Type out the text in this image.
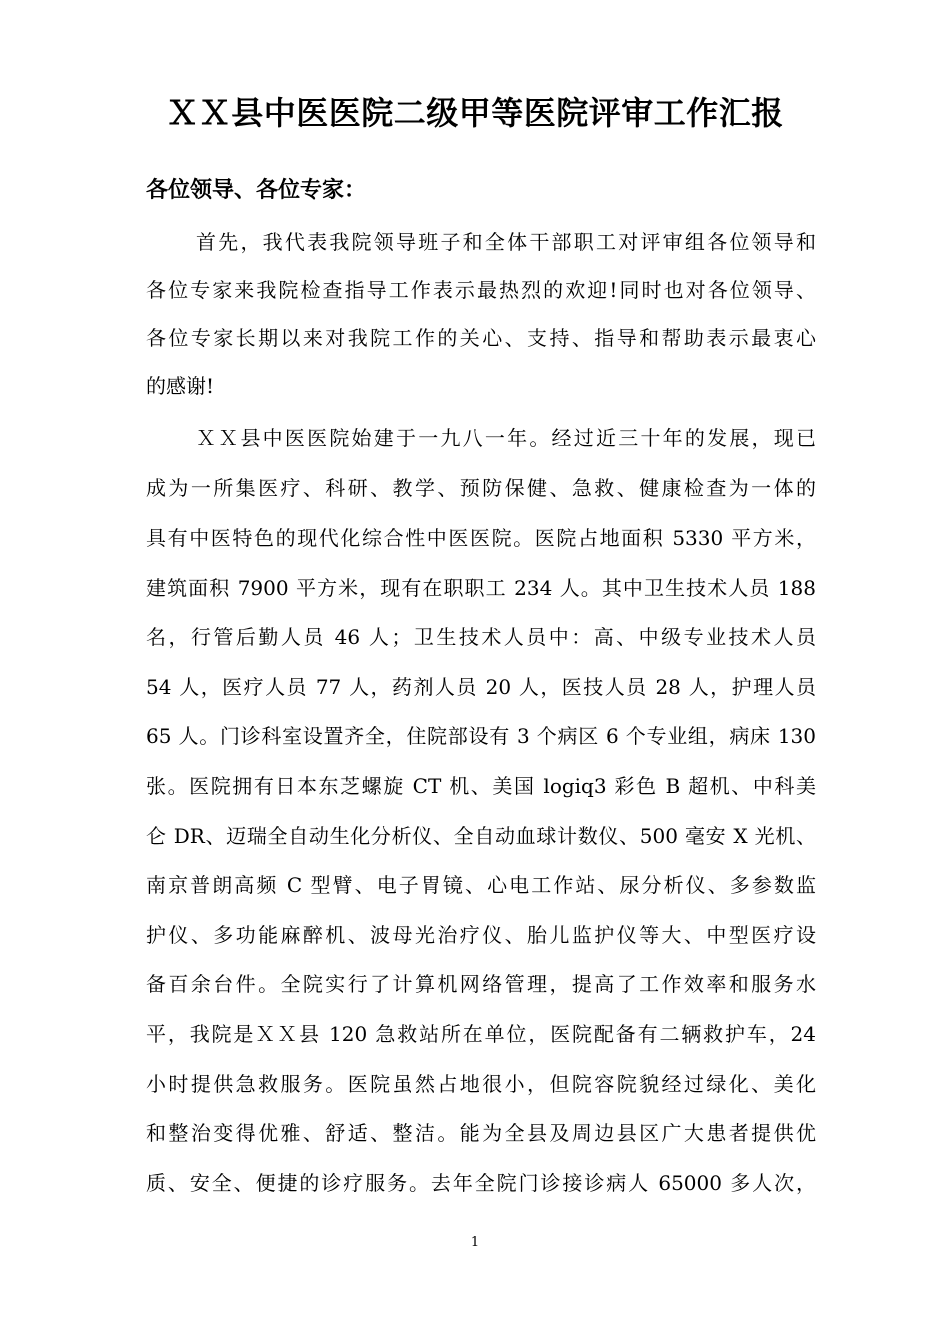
ＸＸ县中医医院二级甲等医院评审工作汇报

各位领导、各位专家：

首先，我代表我院领导班子和全体干部职工对评审组各位领导和

各位专家来我院检查指导工作表示最热烈的欢迎!同时也对各位领导、

各位专家长期以来对我院工作的关心、支持、指导和帮助表示最衷心

的感谢!

ＸＸ县中医医院始建于一九八一年。经过近三十年的发展，现已

成为一所集医疗、科研、教学、预防保健、急救、健康检查为一体的

具有中医特色的现代化综合性中医医院。医院占地面积 5330 平方米，

建筑面积 7900 平方米，现有在职职工 234 人。其中卫生技术人员 188

名，行管后勤人员 46 人；卫生技术人员中：高、中级专业技术人员

54 人，医疗人员 77 人，药剂人员 20 人，医技人员 28 人，护理人员

65 人。门诊科室设置齐全，住院部设有 3 个病区 6 个专业组，病床 130

张。医院拥有日本东芝螺旋 CT 机、美国 logiq3 彩色 B 超机、中科美

仑 DR、迈瑞全自动生化分析仪、全自动血球计数仪、500 毫安 X 光机、

南京普朗高频 C 型臂、电子胃镜、心电工作站、尿分析仪、多参数监

护仪、多功能麻醉机、波母光治疗仪、胎儿监护仪等大、中型医疗设

备百余台件。全院实行了计算机网络管理，提高了工作效率和服务水

平，我院是ＸＸ县 120 急救站所在单位，医院配备有二辆救护车，24

小时提供急救服务。医院虽然占地很小，但院容院貌经过绿化、美化

和整治变得优雅、舒适、整洁。能为全县及周边县区广大患者提供优

质、安全、便捷的诊疗服务。去年全院门诊接诊病人 65000 多人次，

1
